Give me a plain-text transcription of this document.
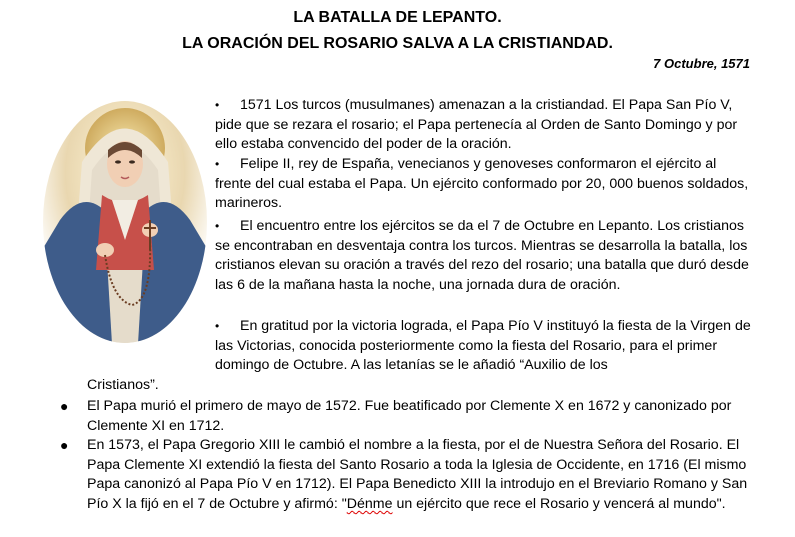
LA BATALLA DE LEPANTO.
LA ORACIÓN DEL ROSARIO SALVA A LA CRISTIANDAD.
7 Octubre, 1571

• 1571 Los turcos (musulmanes) amenazan a la cristiandad. El Papa San Pío V, pide que se rezara el rosario; el Papa pertenecía al Orden de Santo Domingo y por ello estaba convencido del poder de la oración.

• Felipe II, rey de España, venecianos y genoveses conformaron el ejército al frente del cual estaba el Papa. Un ejército conformado por 20, 000 buenos soldados, marineros.

• El encuentro entre los ejércitos se da el 7 de Octubre en Lepanto. Los cristianos se encontraban en desventaja contra los turcos. Mientras se desarrolla la batalla, los cristianos elevan su oración a través del rezo del rosario; una batalla que duró desde las 6 de la mañana hasta la noche, una jornada dura de oración.

• En gratitud por la victoria lograda, el Papa Pío V instituyó la fiesta de la Virgen de las Victorias, conocida posteriormente como la fiesta del Rosario, para el primer domingo de Octubre. A las letanías se le añadió “Auxilio de los

Cristianos”.

● El Papa murió el primero de mayo de 1572. Fue beatificado por Clemente X en 1672 y canonizado por Clemente XI en 1712.

● En 1573, el Papa Gregorio XIII le cambió el nombre a la fiesta, por el de Nuestra Señora del Rosario. El Papa Clemente XI extendió la fiesta del Santo Rosario a toda la Iglesia de Occidente, en 1716 (El mismo Papa canonizó al Papa Pío V en 1712). El Papa Benedicto XIII la introdujo en el Breviario Romano y San Pío X la fijó en el 7 de Octubre y afirmó: "Dénme un ejército que rece el Rosario y vencerá al mundo".
